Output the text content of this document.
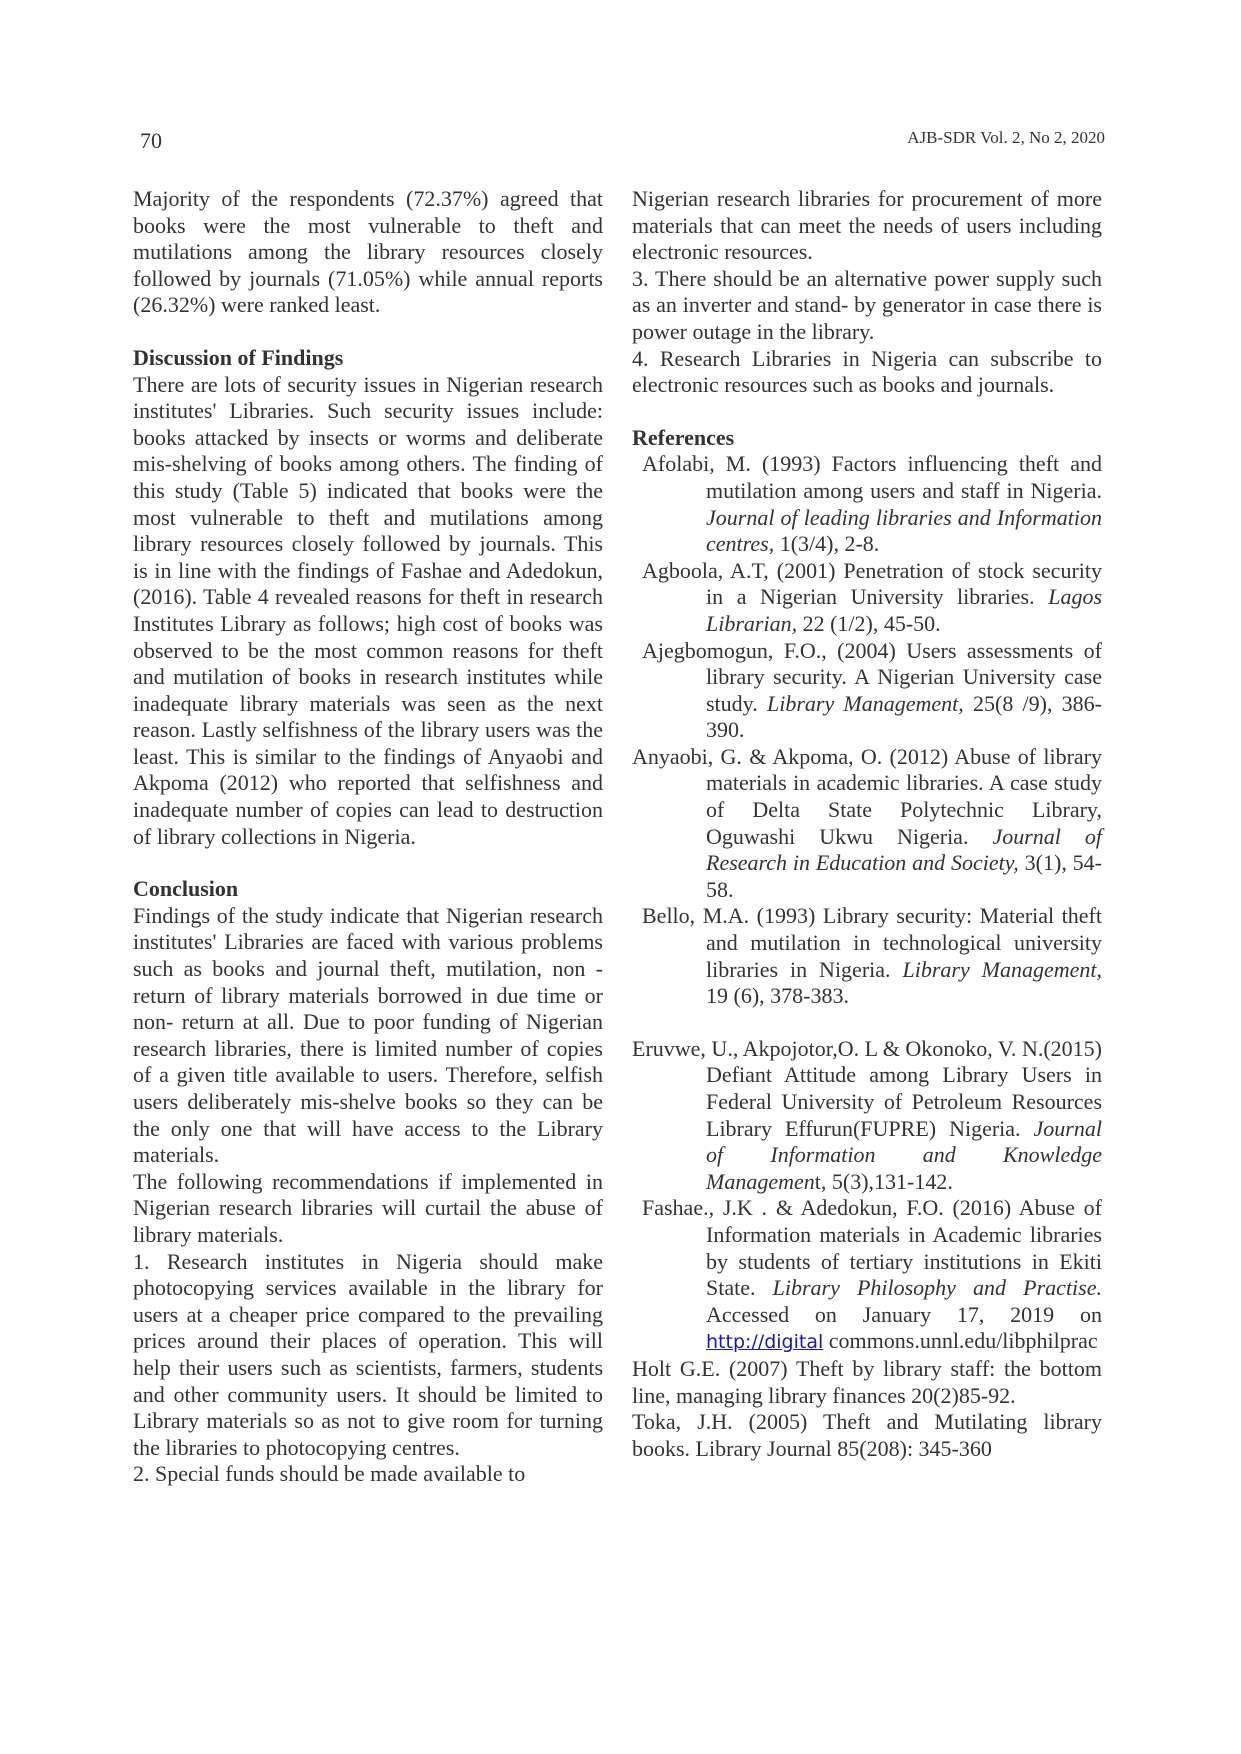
70	AJB-SDR Vol. 2, No 2, 2020

Majority of the respondents (72.37%) agreed that books were the most vulnerable to theft and mutilations among the library resources closely followed by journals (71.05%) while annual reports (26.32%) were ranked least.

Discussion of Findings

There are lots of security issues in Nigerian research institutes' Libraries. Such security issues include: books attacked by insects or worms and deliberate mis-shelving of books among others. The finding of this study (Table 5) indicated that books were the most vulnerable to theft and mutilations among library resources closely followed by journals. This is in line with the findings of Fashae and Adedokun, (2016). Table 4 revealed reasons for theft in research Institutes Library as follows; high cost of books was observed to be the most common reasons for theft and mutilation of books in research institutes while inadequate library materials was seen as the next reason. Lastly selfishness of the library users was the least. This is similar to the findings of Anyaobi and Akpoma (2012) who reported that selfishness and inadequate number of copies can lead to destruction of library collections in Nigeria.

Conclusion

Findings of the study indicate that Nigerian research institutes' Libraries are faced with various problems such as books and journal theft, mutilation, non -return of library materials borrowed in due time or non- return at all. Due to poor funding of Nigerian research libraries, there is limited number of copies of a given title available to users. Therefore, selfish users deliberately mis-shelve books so they can be the only one that will have access to the Library materials.

The following recommendations if implemented in Nigerian research libraries will curtail the abuse of library materials.

1. Research institutes in Nigeria should make photocopying services available in the library for users at a cheaper price compared to the prevailing prices around their places of operation. This will help their users such as scientists, farmers, students and other community users. It should be limited to Library materials so as not to give room for turning the libraries to photocopying centres.

2. Special funds should be made available to

Nigerian research libraries for procurement of more materials that can meet the needs of users including electronic resources.

3. There should be an alternative power supply such as an inverter and stand- by generator in case there is power outage in the library.

4. Research Libraries in Nigeria can subscribe to electronic resources such as books and journals.

References

Afolabi, M. (1993) Factors influencing theft and mutilation among users and staff in Nigeria. Journal of leading libraries and Information centres, 1(3/4), 2-8.

Agboola, A.T, (2001) Penetration of stock security in a Nigerian University libraries. Lagos Librarian, 22 (1/2), 45-50.

Ajegbomogun, F.O., (2004) Users assessments of library security. A Nigerian University case study. Library Management, 25(8 /9), 386-390.

Anyaobi, G. & Akpoma, O. (2012) Abuse of library materials in academic libraries. A case study of Delta State Polytechnic Library, Oguwashi Ukwu Nigeria. Journal of Research in Education and Society, 3(1), 54-58.

Bello, M.A. (1993) Library security: Material theft and mutilation in technological university libraries in Nigeria. Library Management, 19 (6), 378-383.

Eruvwe, U., Akpojotor,O. L & Okonoko, V. N.(2015) Defiant Attitude among Library Users in Federal University of Petroleum Resources Library Effurun(FUPRE) Nigeria. Journal of Information and Knowledge Management, 5(3),131-142.

Fashae., J.K . & Adedokun, F.O. (2016) Abuse of Information materials in Academic libraries by students of tertiary institutions in Ekiti State. Library Philosophy and Practise. Accessed on January 17, 2019 on http://digital commons.unnl.edu/libphilprac

Holt G.E. (2007) Theft by library staff: the bottom line, managing library finances 20(2)85-92.

Toka, J.H. (2005) Theft and Mutilating library books. Library Journal 85(208): 345-360
